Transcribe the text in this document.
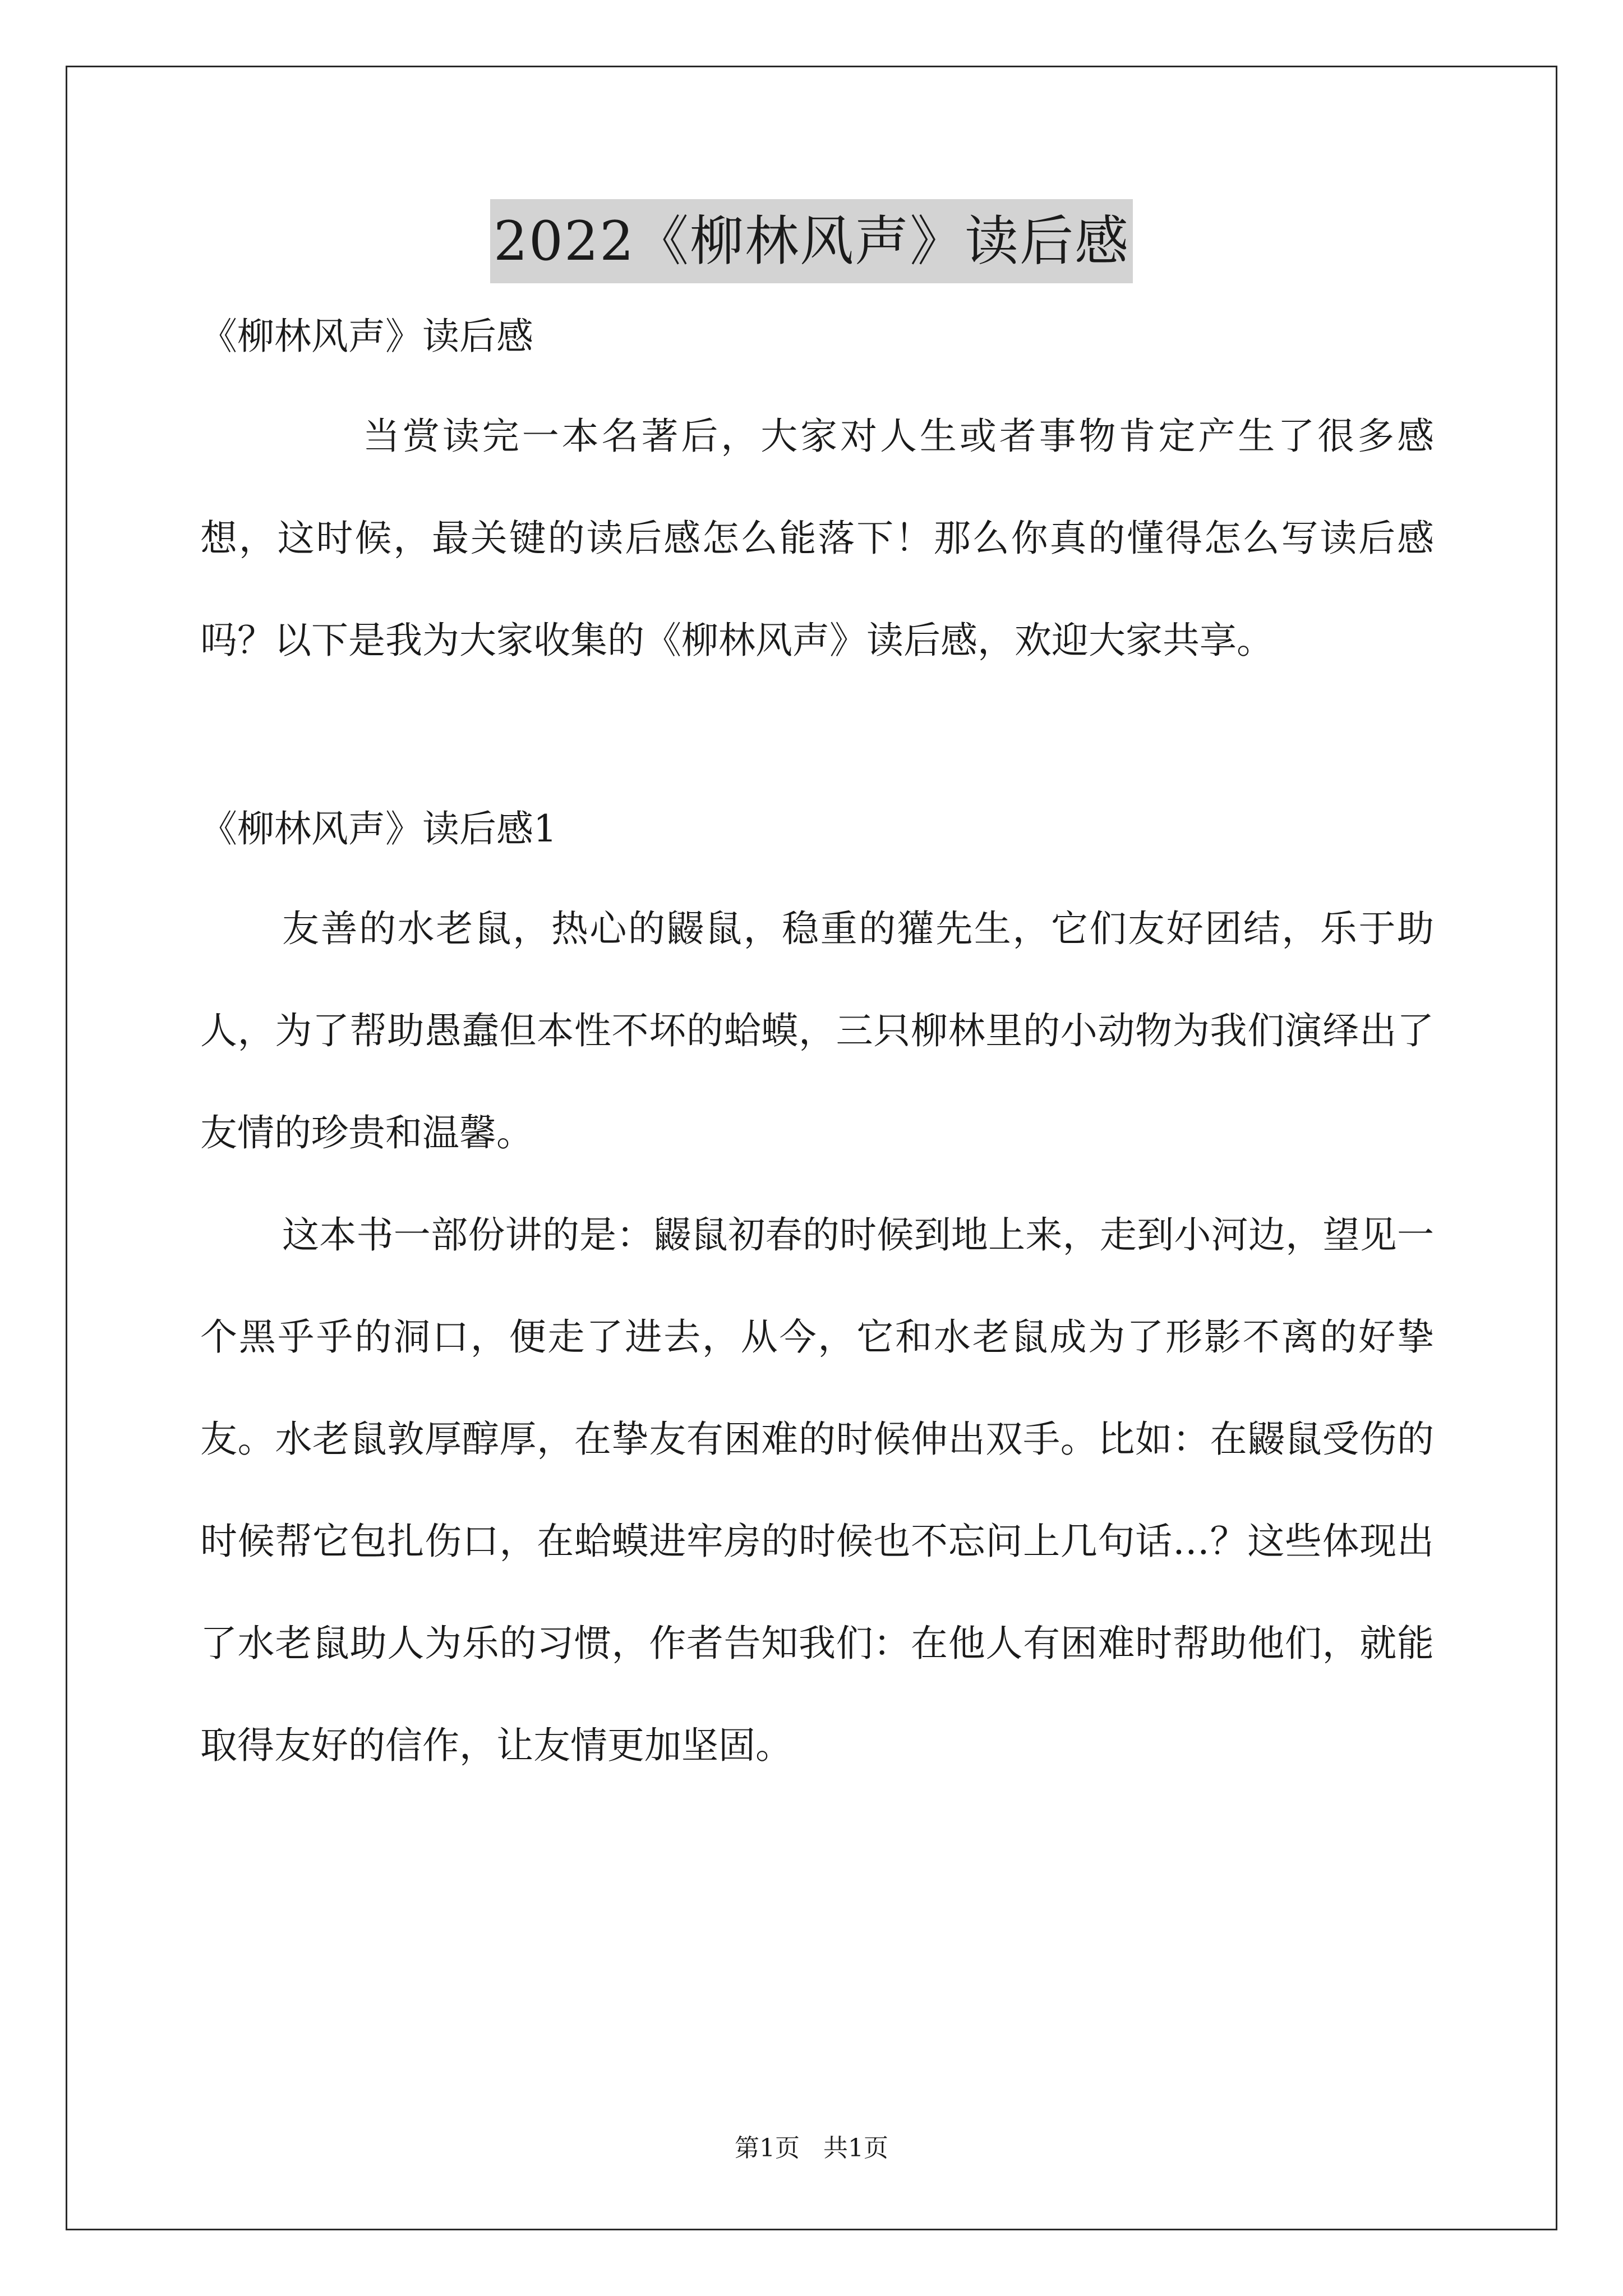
2022《柳林风声》读后感

《柳林风声》读后感

当赏读完一本名著后，大家对人生或者事物肯定产生了很多感想，这时候，最关键的读后感怎么能落下！那么你真的懂得怎么写读后感吗？以下是我为大家收集的《柳林风声》读后感，欢迎大家共享。

《柳林风声》读后感1

友善的水老鼠，热心的鼹鼠，稳重的獾先生，它们友好团结，乐于助人，为了帮助愚蠢但本性不坏的蛤蟆，三只柳林里的小动物为我们演绎出了友情的珍贵和温馨。

这本书一部份讲的是：鼹鼠初春的时候到地上来，走到小河边，望见一个黑乎乎的洞口，便走了进去，从今，它和水老鼠成为了形影不离的好挚友。水老鼠敦厚醇厚，在挚友有困难的时候伸出双手。比如：在鼹鼠受伤的时候帮它包扎伤口，在蛤蟆进牢房的时候也不忘问上几句话…？这些体现出了水老鼠助人为乐的习惯，作者告知我们：在他人有困难时帮助他们，就能取得友好的信作，让友情更加坚固。

第1页 共1页
